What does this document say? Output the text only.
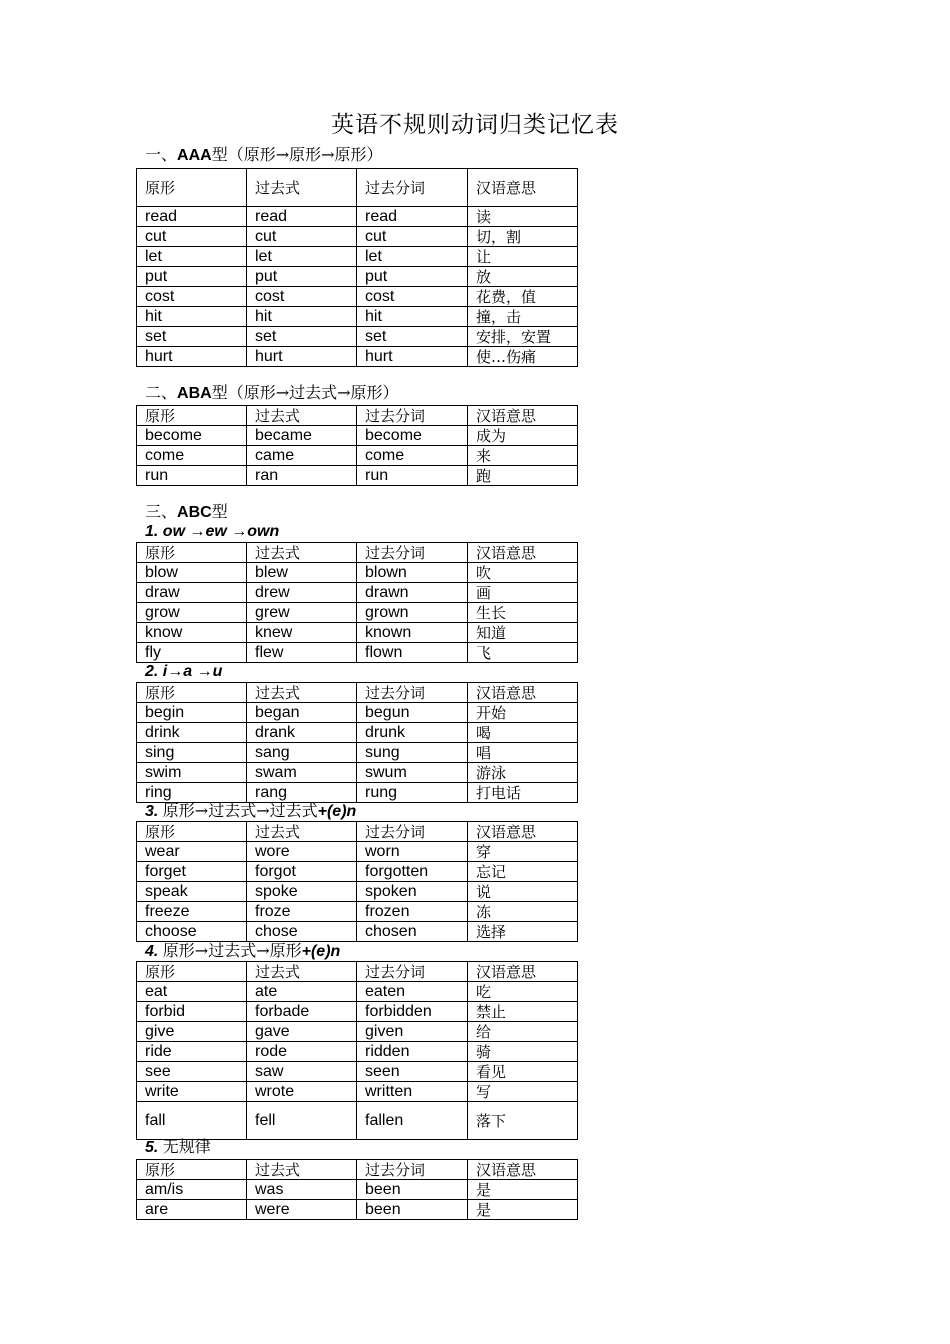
英语不规则动词归类记忆表
一、AAA型（原形→原形→原形）
原形	过去式	过去分词	汉语意思
read	read	read	读
cut	cut	cut	切，割
let	let	let	让
put	put	put	放
cost	cost	cost	花费，值
hit	hit	hit	撞，击
set	set	set	安排，安置
hurt	hurt	hurt	使…伤痛
二、ABA型（原形→过去式→原形）
原形	过去式	过去分词	汉语意思
become	became	become	成为
come	came	come	来
run	ran	run	跑
三、ABC型
1. ow →ew →own
原形	过去式	过去分词	汉语意思
blow	blew	blown	吹
draw	drew	drawn	画
grow	grew	grown	生长
know	knew	known	知道
fly	flew	flown	飞
2. i→a →u
原形	过去式	过去分词	汉语意思
begin	began	begun	开始
drink	drank	drunk	喝
sing	sang	sung	唱
swim	swam	swum	游泳
ring	rang	rung	打电话
3. 原形→过去式→过去式+(e)n
原形	过去式	过去分词	汉语意思
wear	wore	worn	穿
forget	forgot	forgotten	忘记
speak	spoke	spoken	说
freeze	froze	frozen	冻
choose	chose	chosen	选择
4. 原形→过去式→原形+(e)n
原形	过去式	过去分词	汉语意思
eat	ate	eaten	吃
forbid	forbade	forbidden	禁止
give	gave	given	给
ride	rode	ridden	骑
see	saw	seen	看见
write	wrote	written	写
fall	fell	fallen	落下
5. 无规律
原形	过去式	过去分词	汉语意思
am/is	was	been	是
are	were	been	是
